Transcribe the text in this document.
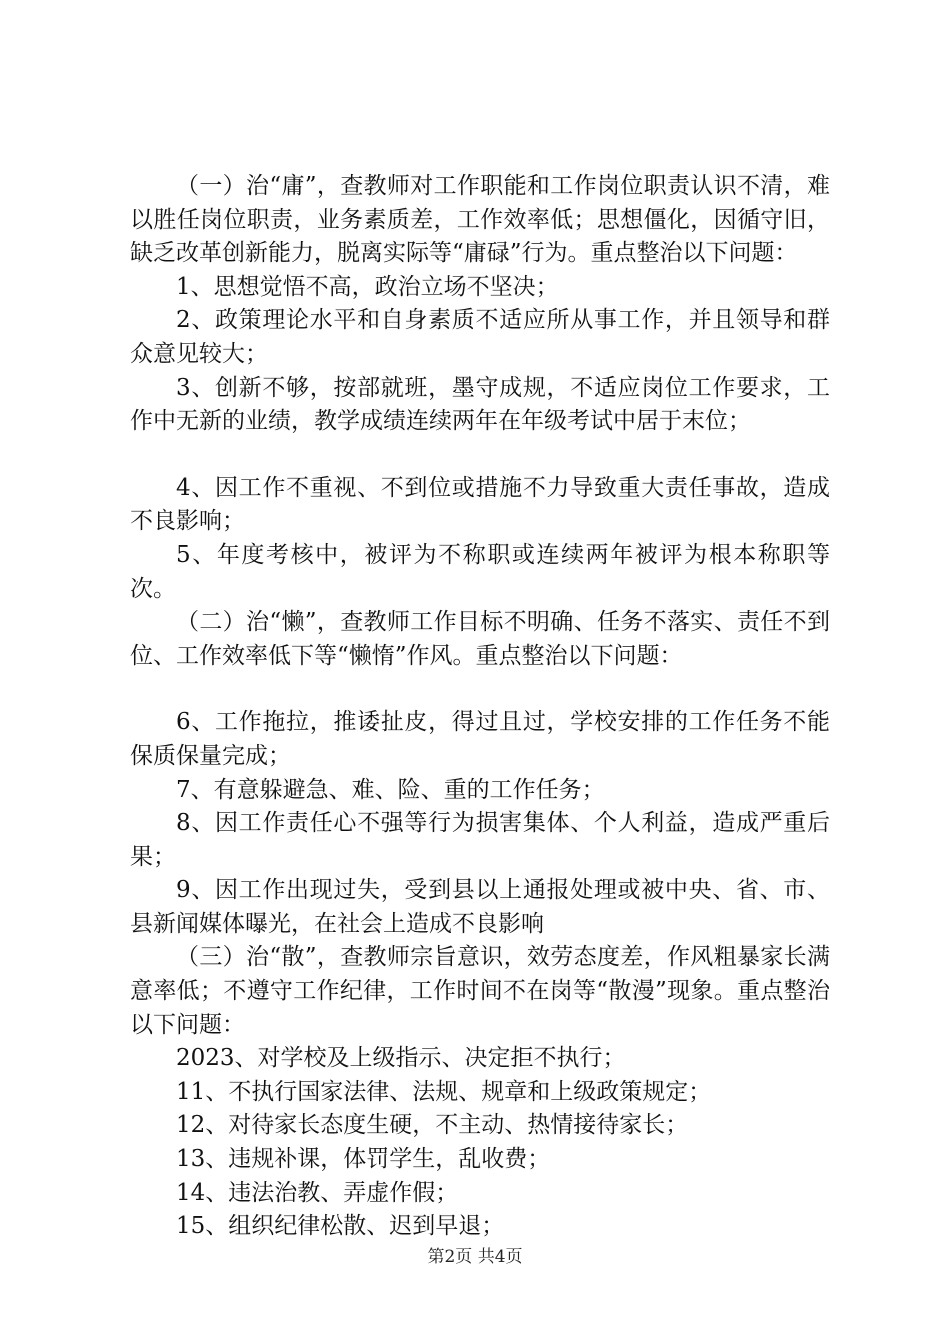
（一）治“庸”，查教师对工作职能和工作岗位职责认识不清，难以胜任岗位职责，业务素质差，工作效率低；思想僵化，因循守旧，缺乏改革创新能力，脱离实际等“庸碌”行为。重点整治以下问题：

1、思想觉悟不高，政治立场不坚决；

2、政策理论水平和自身素质不适应所从事工作，并且领导和群众意见较大；

3、创新不够，按部就班，墨守成规，不适应岗位工作要求，工作中无新的业绩，教学成绩连续两年在年级考试中居于末位；

4、因工作不重视、不到位或措施不力导致重大责任事故，造成不良影响；

5、年度考核中，被评为不称职或连续两年被评为根本称职等次。

（二）治“懒”，查教师工作目标不明确、任务不落实、责任不到位、工作效率低下等“懒惰”作风。重点整治以下问题：

6、工作拖拉，推诿扯皮，得过且过，学校安排的工作任务不能保质保量完成；

7、有意躲避急、难、险、重的工作任务；

8、因工作责任心不强等行为损害集体、个人利益，造成严重后果；

9、因工作出现过失，受到县以上通报处理或被中央、省、市、县新闻媒体曝光，在社会上造成不良影响

（三）治“散”，查教师宗旨意识，效劳态度差，作风粗暴家长满意率低；不遵守工作纪律，工作时间不在岗等“散漫”现象。重点整治以下问题：

2023、对学校及上级指示、决定拒不执行；

11、不执行国家法律、法规、规章和上级政策规定；

12、对待家长态度生硬，不主动、热情接待家长；

13、违规补课，体罚学生，乱收费；

14、违法治教、弄虚作假；

15、组织纪律松散、迟到早退；

第2页 共4页
